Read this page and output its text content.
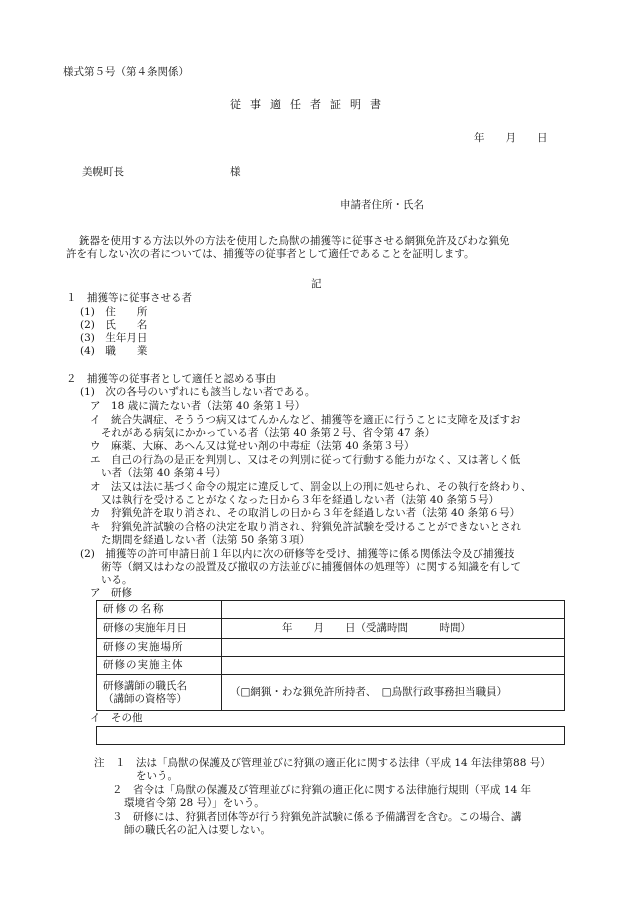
様式第５号（第４条関係）
従事適任者証明書
年　　月　　日
美幌町長	様
申請者住所・氏名
銃器を使用する方法以外の方法を使用した鳥獣の捕獲等に従事させる網猟免許及びわな猟免
許を有しない次の者については、捕獲等の従事者として適任であることを証明します。
記
１　捕獲等に従事させる者
(1)　住　　所
(2)　氏　　名
(3)　生年月日
(4)　職　　業
２　捕獲等の従事者として適任と認める事由
(1)　次の各号のいずれにも該当しない者である。
ア　18 歳に満たない者（法第 40 条第１号）
イ　統合失調症、そううつ病又はてんかんなど、捕獲等を適正に行うことに支障を及ぼすお
それがある病気にかかっている者（法第 40 条第２号、省令第 47 条）
ウ　麻薬、大麻、あへん又は覚せい剤の中毒症（法第 40 条第３号）
エ　自己の行為の是正を判別し、又はその判別に従って行動する能力がなく、又は著しく低
い者（法第 40 条第４号）
オ　法又は法に基づく命令の規定に違反して、罰金以上の刑に処せられ、その執行を終わり、
又は執行を受けることがなくなった日から３年を経過しない者（法第 40 条第５号）
カ　狩猟免許を取り消され、その取消しの日から３年を経過しない者（法第 40 条第６号）
キ　狩猟免許試験の合格の決定を取り消され、狩猟免許試験を受けることができないとされ
た期間を経過しない者（法第 50 条第３項）
(2)　捕獲等の許可申請日前１年以内に次の研修等を受け、捕獲等に係る関係法令及び捕獲技
術等（網又はわなの設置及び撤収の方法並びに捕獲個体の処理等）に関する知識を有して
いる。
ア　研修
研修の名称	
研修の実施年月日	年　　月　　日（受講時間　　　時間）
研修の実施場所	
研修の実施主体	

研修講師の職氏名
（講師の資格等）	（□網猟・わな猟免許所持者、　□鳥獣行政事務担当職員）
イ　その他
注　１　法は「鳥獣の保護及び管理並びに狩猟の適正化に関する法律（平成 14 年法律第88 号）
　　　　をいう。
２　省令は「鳥獣の保護及び管理並びに狩猟の適正化に関する法律施行規則（平成 14 年
環境省令第 28 号）」をいう。
３　研修には、狩猟者団体等が行う狩猟免許試験に係る予備講習を含む。この場合、講
師の職氏名の記入は要しない。
